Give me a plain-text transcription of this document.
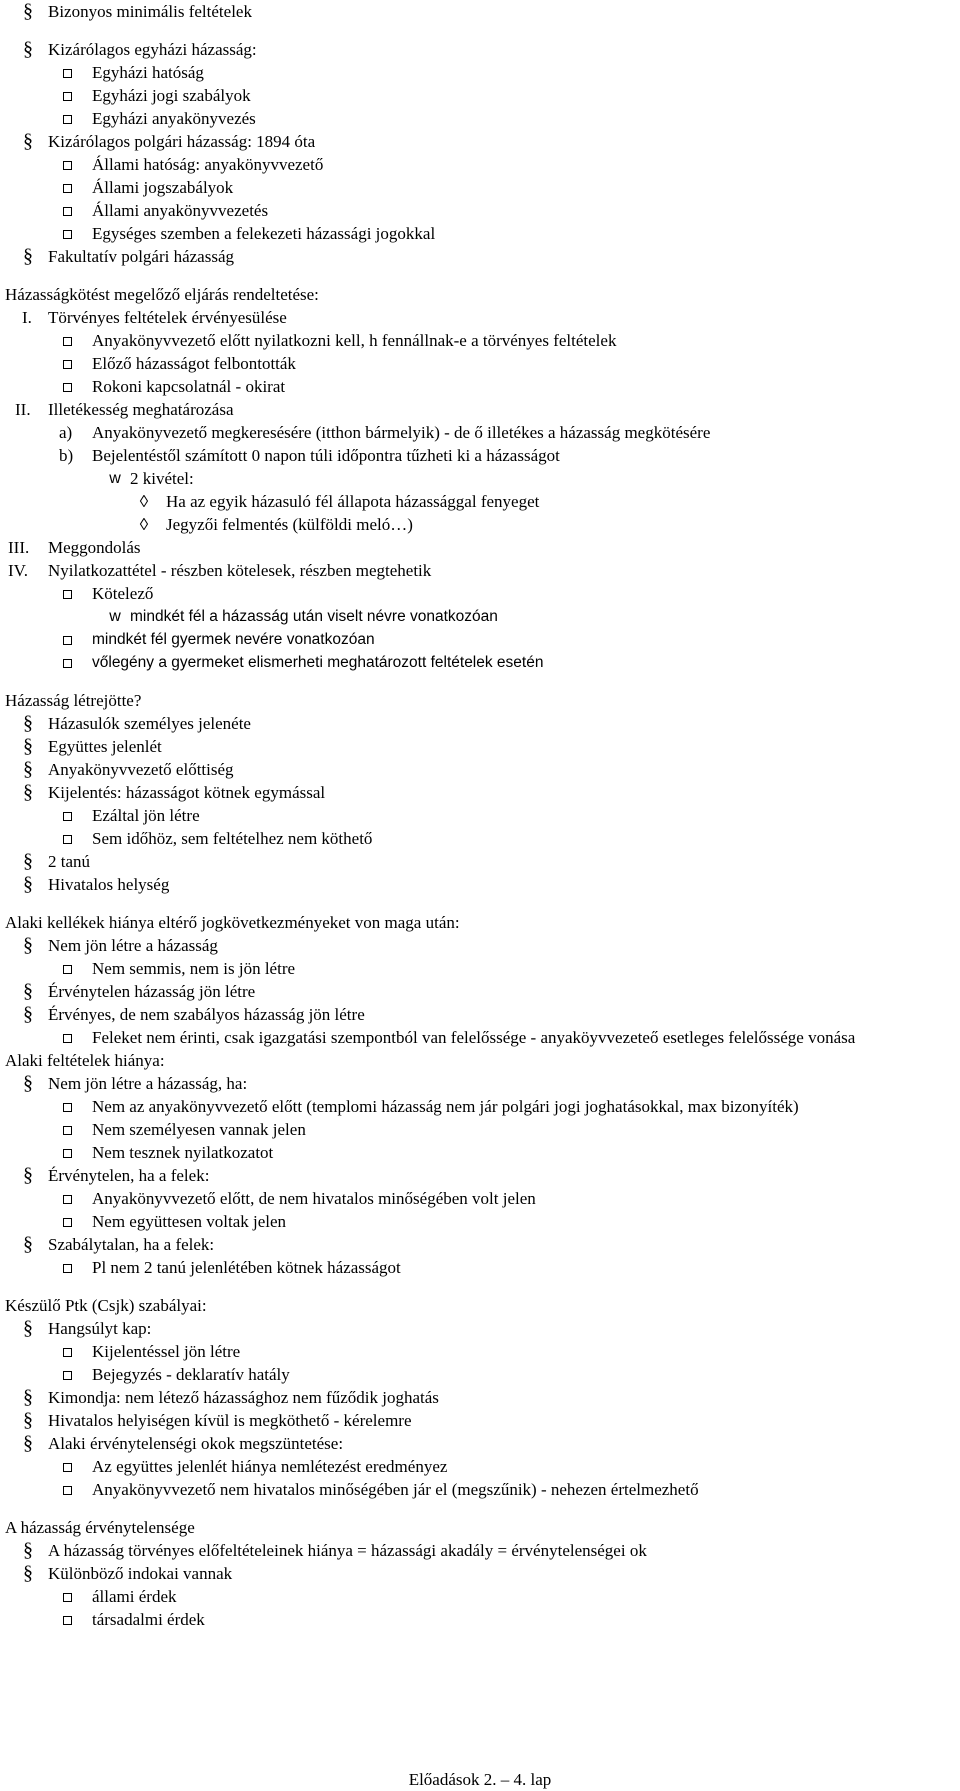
§ Bizonyos minimális feltételek
§ Kizárólagos egyházi házasság:
Egyházi hatóság
Egyházi jogi szabályok
Egyházi anyakönyvezés
§ Kizárólagos polgári házasság: 1894 óta
Állami hatóság: anyakönyvvezető
Állami jogszabályok
Állami anyakönyvvezetés
Egységes szemben a felekezeti házassági jogokkal
§ Fakultatív polgári házasság
Házasságkötést megelőző eljárás rendeltetése:
I. Törvényes feltételek érvényesülése
Anyakönyvvezető előtt nyilatkozni kell, h fennállnak-e a törvényes feltételek
Előző házasságot felbontották
Rokoni kapcsolatnál - okirat
II.	Illetékesség meghatározása
a)	Anyakönyvezető megkeresésére (itthon bármelyik) - de ő illetékes a házasság megkötésére
b)	Bejelentéstől számított 0 napon túli időpontra tűzheti ki a házasságot
w 2 kivétel:
◊	Ha az egyik házasuló fél állapota házassággal fenyeget
◊	Jegyzői felmentés (külföldi meló…)
III.	Meggondolás
IV.	Nyilatkozattétel - részben kötelesek, részben megtehetik
Kötelező
w mindkét fél a házasság után viselt névre vonatkozóan
mindkét fél gyermek nevére vonatkozóan
vőlegény a gyermeket elismerheti meghatározott feltételek esetén
Házasság létrejötte?
§ Házasulók személyes jelenéte
§ Együttes jelenlét
§ Anyakönyvvezető előttiség
§ Kijelentés: házasságot kötnek egymással
Ezáltal jön létre
Sem időhöz, sem feltételhez nem köthető
§ 2 tanú
§ Hivatalos helység
Alaki kellékek hiánya eltérő jogkövetkezményeket von maga után:
§ Nem jön létre a házasság
Nem semmis, nem is jön létre
§ Érvénytelen házasság jön létre
§ Érvényes, de nem szabályos házasság jön létre
Feleket nem érinti, csak igazgatási szempontból van felelőssége - anyaköyvvezeteő esetleges felelőssége vonása
Alaki feltételek hiánya:
§ Nem jön létre a házasság, ha:
Nem az anyakönyvvezető előtt (templomi házasság nem jár polgári jogi joghatásokkal, max bizonyíték)
Nem személyesen vannak jelen
Nem tesznek nyilatkozatot
§ Érvénytelen, ha a felek:
Anyakönyvvezető előtt, de nem hivatalos minőségében volt jelen
Nem együttesen voltak jelen
§ Szabálytalan, ha a felek:
Pl nem 2 tanú jelenlétében kötnek házasságot
Készülő Ptk (Csjk) szabályai:
§ Hangsúlyt kap:
Kijelentéssel jön létre
Bejegyzés - deklaratív hatály
§ Kimondja: nem létező házassághoz nem fűződik joghatás
§ Hivatalos helyiségen kívül is megköthető - kérelemre
§ Alaki érvénytelenségi okok megszüntetése:
Az együttes jelenlét hiánya nemlétezést eredményez
Anyakönyvvezető nem hivatalos minőségében jár el (megszűnik) - nehezen értelmezhető
A házasság érvénytelensége
§ A házasság törvényes előfeltételeinek hiánya = házassági akadály = érvénytelenségei ok
§ Különböző indokai vannak
állami érdek
társadalmi érdek
Előadások 2. – 4. lap
